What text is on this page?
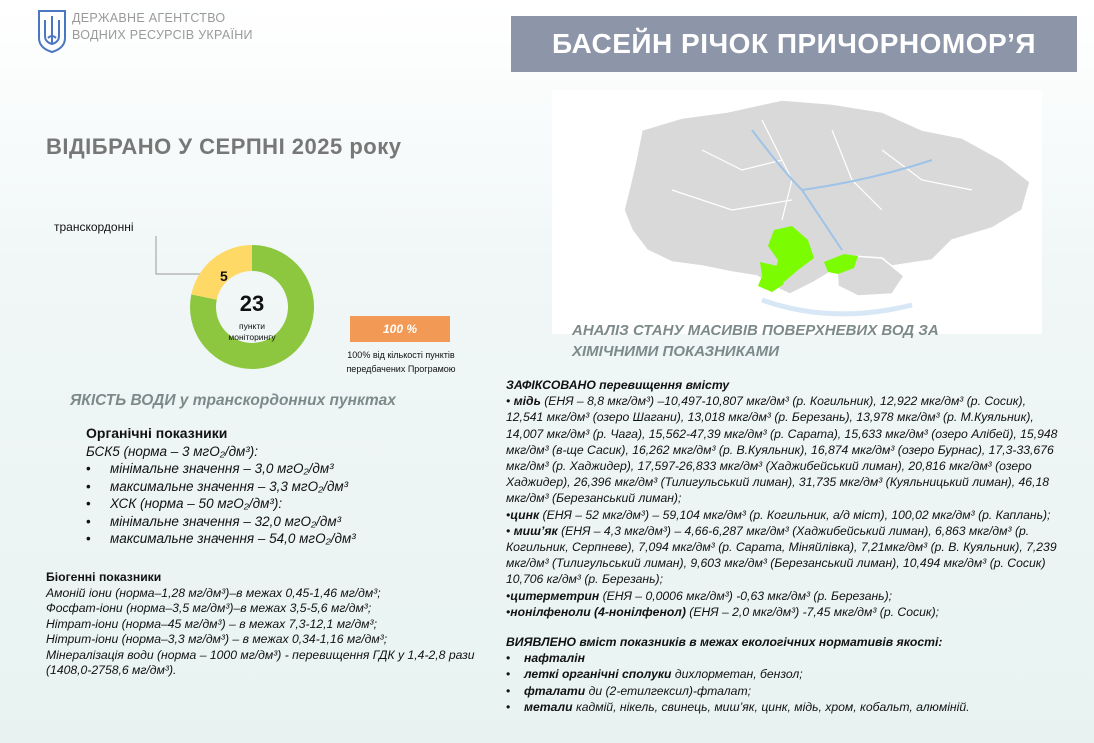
ДЕРЖАВНЕ АГЕНТСТВО
ВОДНИХ РЕСУРСІВ УКРАЇНИ	БАСЕЙН РІЧОК ПРИЧОРНОМОР’Я
ВІДІБРАНО У СЕРПНІ 2025 року
транскордонні
5
23
пункти
моніторингу
100 %
100% від кількості пунктів передбачених Програмою
АНАЛІЗ СТАНУ МАСИВІВ ПОВЕРХНЕВИХ ВОД ЗА ХІМІЧНИМИ ПОКАЗНИКАМИ
ЯКІСТЬ ВОДИ у транскордонних пунктах
Органічні показники
БСК5 (норма – 3 мгО₂/дм³):
• мінімальне значення – 3,0 мгО₂/дм³
• максимальне значення – 3,3 мгО₂/дм³
• ХСК (норма – 50 мгО₂/дм³):
• мінімальне значення – 32,0 мгО₂/дм³
• максимальне значення – 54,0 мгО₂/дм³
Біогенні показники
Амоній іони (норма–1,28 мг/дм³)–в межах 0,45-1,46 мг/дм³;
Фосфат-іони (норма–3,5 мг/дм³)–в межах 3,5-5,6 мг/дм³;
Нітрат-іони (норма–45 мг/дм³) – в межах 7,3-12,1 мг/дм³;
Нітрит-іони (норма–3,3 мг/дм³) – в межах 0,34-1,16 мг/дм³;
Мінералізація води (норма – 1000 мг/дм³) - перевищення ГДК у 1,4-2,8 рази (1408,0-2758,6 мг/дм³).

ЗАФІКСОВАНО перевищення вмісту

• мідь (ЕНЯ – 8,8 мкг/дм³) –10,497-10,807 мкг/дм³ (р. Когильник), 12,922 мкг/дм³ (р. Сосик), 12,541 мкг/дм³ (озеро Шагани), 13,018 мкг/дм³ (р. Березань), 13,978 мкг/дм³ (р. М.Куяльник), 14,007 мкг/дм³ (р. Чага), 15,562-47,39 мкг/дм³ (р. Сарата), 15,633 мкг/дм³ (озеро Алібей), 15,948 мкг/дм³ (в-ще Сасик), 16,262 мкг/дм³ (р. В.Куяльник), 16,874 мкг/дм³ (озеро Бурнас), 17,3-33,676 мкг/дм³ (р. Хаджидер), 17,597-26,833 мкг/дм³ (Хаджибейський лиман), 20,816 мкг/дм³ (озеро Хаджидер), 26,396 мкг/дм³ (Тилигульський лиман), 31,735 мкг/дм³ (Куяльницький лиман), 46,18 мкг/дм³ (Березанський лиман);

•цинк (ЕНЯ – 52 мкг/дм³) – 59,104 мкг/дм³ (р. Когильник, а/д міст), 100,02 мкг/дм³ (р. Каплань);

• миш’як (ЕНЯ – 4,3 мкг/дм³) – 4,66-6,287 мкг/дм³ (Хаджибейський лиман), 6,863 мкг/дм³ (р. Когильник, Серпневе), 7,094 мкг/дм³ (р. Сарата, Міняйлівка), 7,21мкг/дм³ (р. В. Куяльник), 7,239 мкг/дм³ (Тилигульський лиман), 9,603 мкг/дм³ (Березанський лиман), 10,494 мкг/дм³ (р. Сосик) 10,706 кг/дм³ (р. Березань);

•цитерметрин (ЕНЯ – 0,0006 мкг/дм³) -0,63 мкг/дм³ (р. Березань);

•нонілфеноли (4-нонілфенол) (ЕНЯ – 2,0 мкг/дм³) -7,45 мкг/дм³ (р. Сосик);

ВИЯВЛЕНО вміст показників в межах екологічних нормативів якості:

• нафталін
• леткі органічні сполуки дихлорметан, бензол;
• фталати ди (2-етилгексил)-фталат;
• метали кадмій, нікель, свинець, миш’як, цинк, мідь, хром, кобальт, алюміній.
